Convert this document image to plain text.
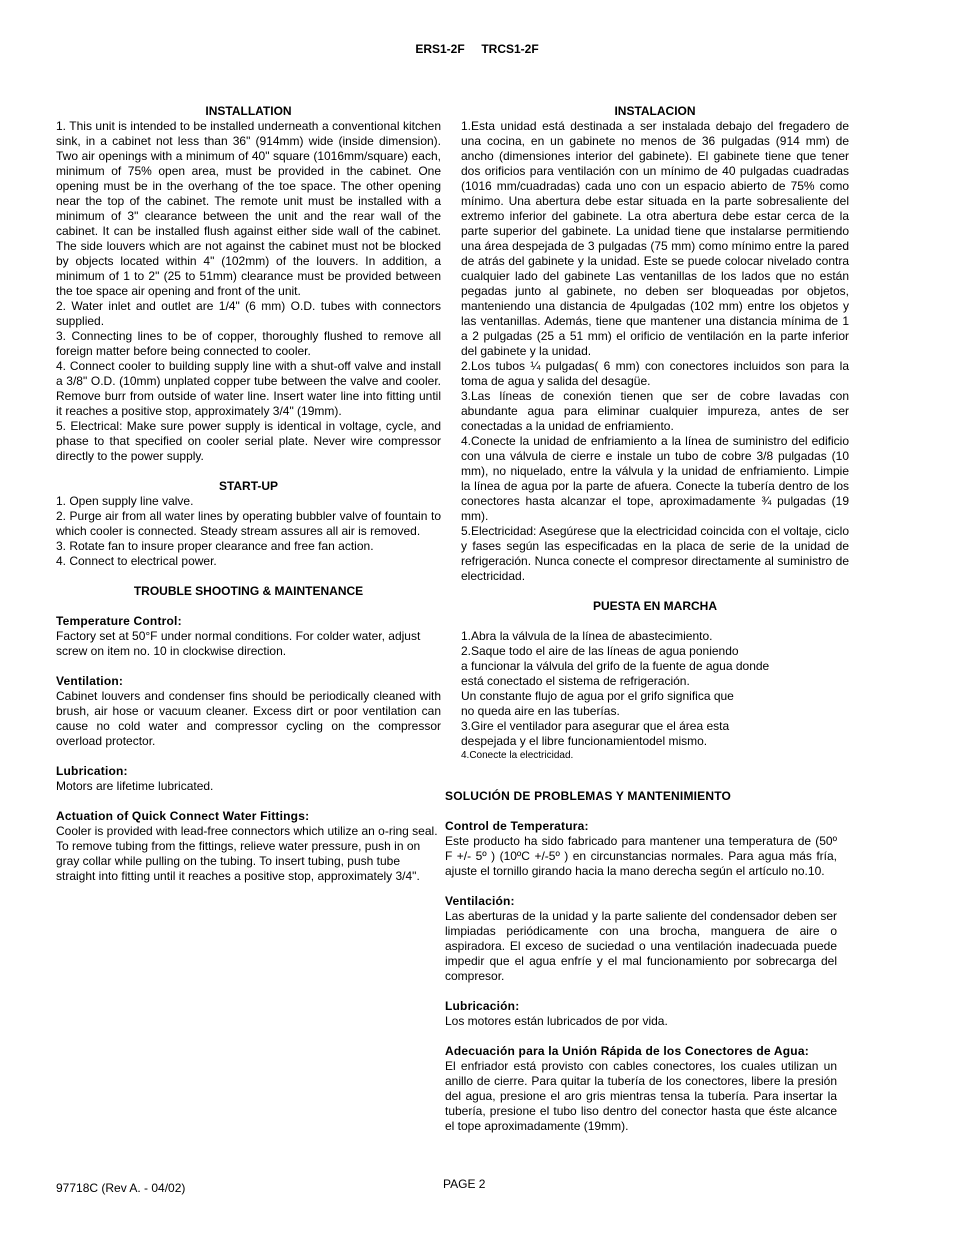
ERS1-2F     TRCS1-2F
INSTALLATION
1. This unit is intended to be installed underneath a conventional kitchen sink, in a cabinet not less than 36" (914mm) wide (inside dimension). Two air openings with a minimum of 40" square (1016mm/square) each, minimum of 75% open area, must be provided in the cabinet. One opening must be in the overhang of the toe space. The other opening near the top of the cabinet. The remote unit must be installed with a minimum of 3" clearance between the unit and the rear wall of the cabinet. It can be installed flush against either side wall of the cabinet. The side louvers which are not against the cabinet must not be blocked by objects located within 4" (102mm) of the louvers. In addition, a minimum of 1 to 2" (25 to 51mm) clearance must be provided between the toe space air opening and front of the unit.
2. Water inlet and outlet are 1/4" (6 mm) O.D. tubes with connectors supplied.
3. Connecting lines to be of copper, thoroughly flushed to remove all foreign matter before being connected to cooler.
4. Connect cooler to building supply line with a shut-off valve and install a 3/8" O.D. (10mm) unplated copper tube between the valve and cooler. Remove burr from outside of water line. Insert water line into fitting until it reaches a positive stop, approximately 3/4" (19mm).
5. Electrical: Make sure power supply is identical in voltage, cycle, and phase to that specified on cooler serial plate. Never wire compressor directly to the power supply.
START-UP
1. Open supply line valve.
2. Purge air from all water lines by operating bubbler valve of fountain to which cooler is connected. Steady stream assures all air is removed.
3. Rotate fan to insure proper clearance and free fan action.
4. Connect to electrical power.
TROUBLE SHOOTING & MAINTENANCE
Temperature Control:
Factory set at 50°F under normal conditions. For colder water, adjust screw on item no. 10 in clockwise direction.
Ventilation:
Cabinet louvers and condenser fins should be periodically cleaned with brush, air hose or vacuum cleaner. Excess dirt or poor ventilation can cause no cold water and compressor cycling on the compressor overload protector.
Lubrication:
Motors are lifetime lubricated.
Actuation of Quick Connect Water Fittings:
Cooler is provided with lead-free connectors which utilize an o-ring seal. To remove tubing from the fittings, relieve water pressure, push in on gray collar while pulling on the tubing. To insert tubing, push tube straight into fitting until it reaches a positive stop, approximately 3/4".
INSTALACION
1.Esta unidad está destinada a ser instalada debajo del fregadero de una cocina, en un gabinete no menos de 36 pulgadas (914 mm) de ancho (dimensiones interior del gabinete). El gabinete tiene que tener dos orificios para ventilación con un mínimo de 40 pulgadas cuadradas (1016 mm/cuadradas) cada uno con un espacio abierto de 75% como mínimo. Una abertura debe estar situada en la parte sobresaliente del extremo inferior del gabinete. La otra abertura debe estar cerca de la parte superior del gabinete. La unidad tiene que instalarse permitiendo una área despejada de 3 pulgadas (75 mm) como mínimo entre la pared de atrás del gabinete y la unidad. Este se puede colocar nivelado contra cualquier lado del gabinete Las ventanillas de los lados que no están pegadas junto al gabinete, no deben ser bloqueadas por objetos, manteniendo una distancia de 4pulgadas (102 mm) entre los objetos y las ventanillas. Además, tiene que mantener una distancia mínima de 1 a 2 pulgadas (25 a 51 mm) el orificio de ventilación en la parte inferior del gabinete y la unidad.
2.Los tubos ¼ pulgadas( 6 mm) con conectores incluidos son para la toma de agua y salida del desagüe.
3.Las líneas de conexión tienen que ser de cobre lavadas con abundante agua para eliminar cualquier impureza, antes de ser conectadas a la unidad de enfriamiento.
4.Conecte la unidad de enfriamiento a la línea de suministro del edificio con una válvula de cierre e instale un tubo de cobre 3/8 pulgadas (10 mm), no niquelado, entre la válvula y la unidad de enfriamiento. Limpie la línea de agua por la parte de afuera. Conecte la tubería dentro de los conectores hasta alcanzar el tope, aproximadamente ¾ pulgadas (19 mm).
5.Electricidad: Asegúrese que la electricidad coincida con el voltaje, ciclo y fases según las especificadas en la placa de serie de la unidad de refrigeración. Nunca conecte el compresor directamente al suministro de electricidad.
PUESTA EN MARCHA
1.Abra la válvula de la línea de abastecimiento.
2.Saque todo el aire de las líneas de agua poniendo
a funcionar la válvula del grifo de la fuente de agua donde
está conectado el sistema de refrigeración.
Un constante flujo de agua por el grifo significa que
no queda aire en las tuberías.
3.Gire el ventilador para asegurar que el área esta
despejada y el libre funcionamientodel mismo.
4.Conecte la electricidad.
SOLUCIÓN DE PROBLEMAS Y MANTENIMIENTO
Control de Temperatura:
Este producto ha sido fabricado para mantener una temperatura de (50º F +/- 5º ) (10ºC +/-5º ) en circunstancias normales. Para agua más fría, ajuste el tornillo girando hacia la mano derecha según el artículo no.10.
Ventilación:
Las aberturas de la unidad y la parte saliente del condensador deben ser limpiadas periódicamente con una brocha, manguera de aire o aspiradora. El exceso de suciedad o una ventilación inadecuada puede impedir que el agua enfríe y el mal funcionamiento por sobrecarga del compresor.
Lubricación:
Los motores están lubricados de por vida.
Adecuación para la Unión Rápida de los Conectores de Agua:
El enfriador está provisto con cables conectores, los cuales utilizan un anillo de cierre. Para quitar la tubería de los conectores, libere la presión del agua, presione el aro gris mientras tensa la tubería. Para insertar la tubería, presione el tubo liso dentro del conector hasta que éste alcance el tope aproximadamente (19mm).
97718C (Rev A. - 04/02)	PAGE 2
